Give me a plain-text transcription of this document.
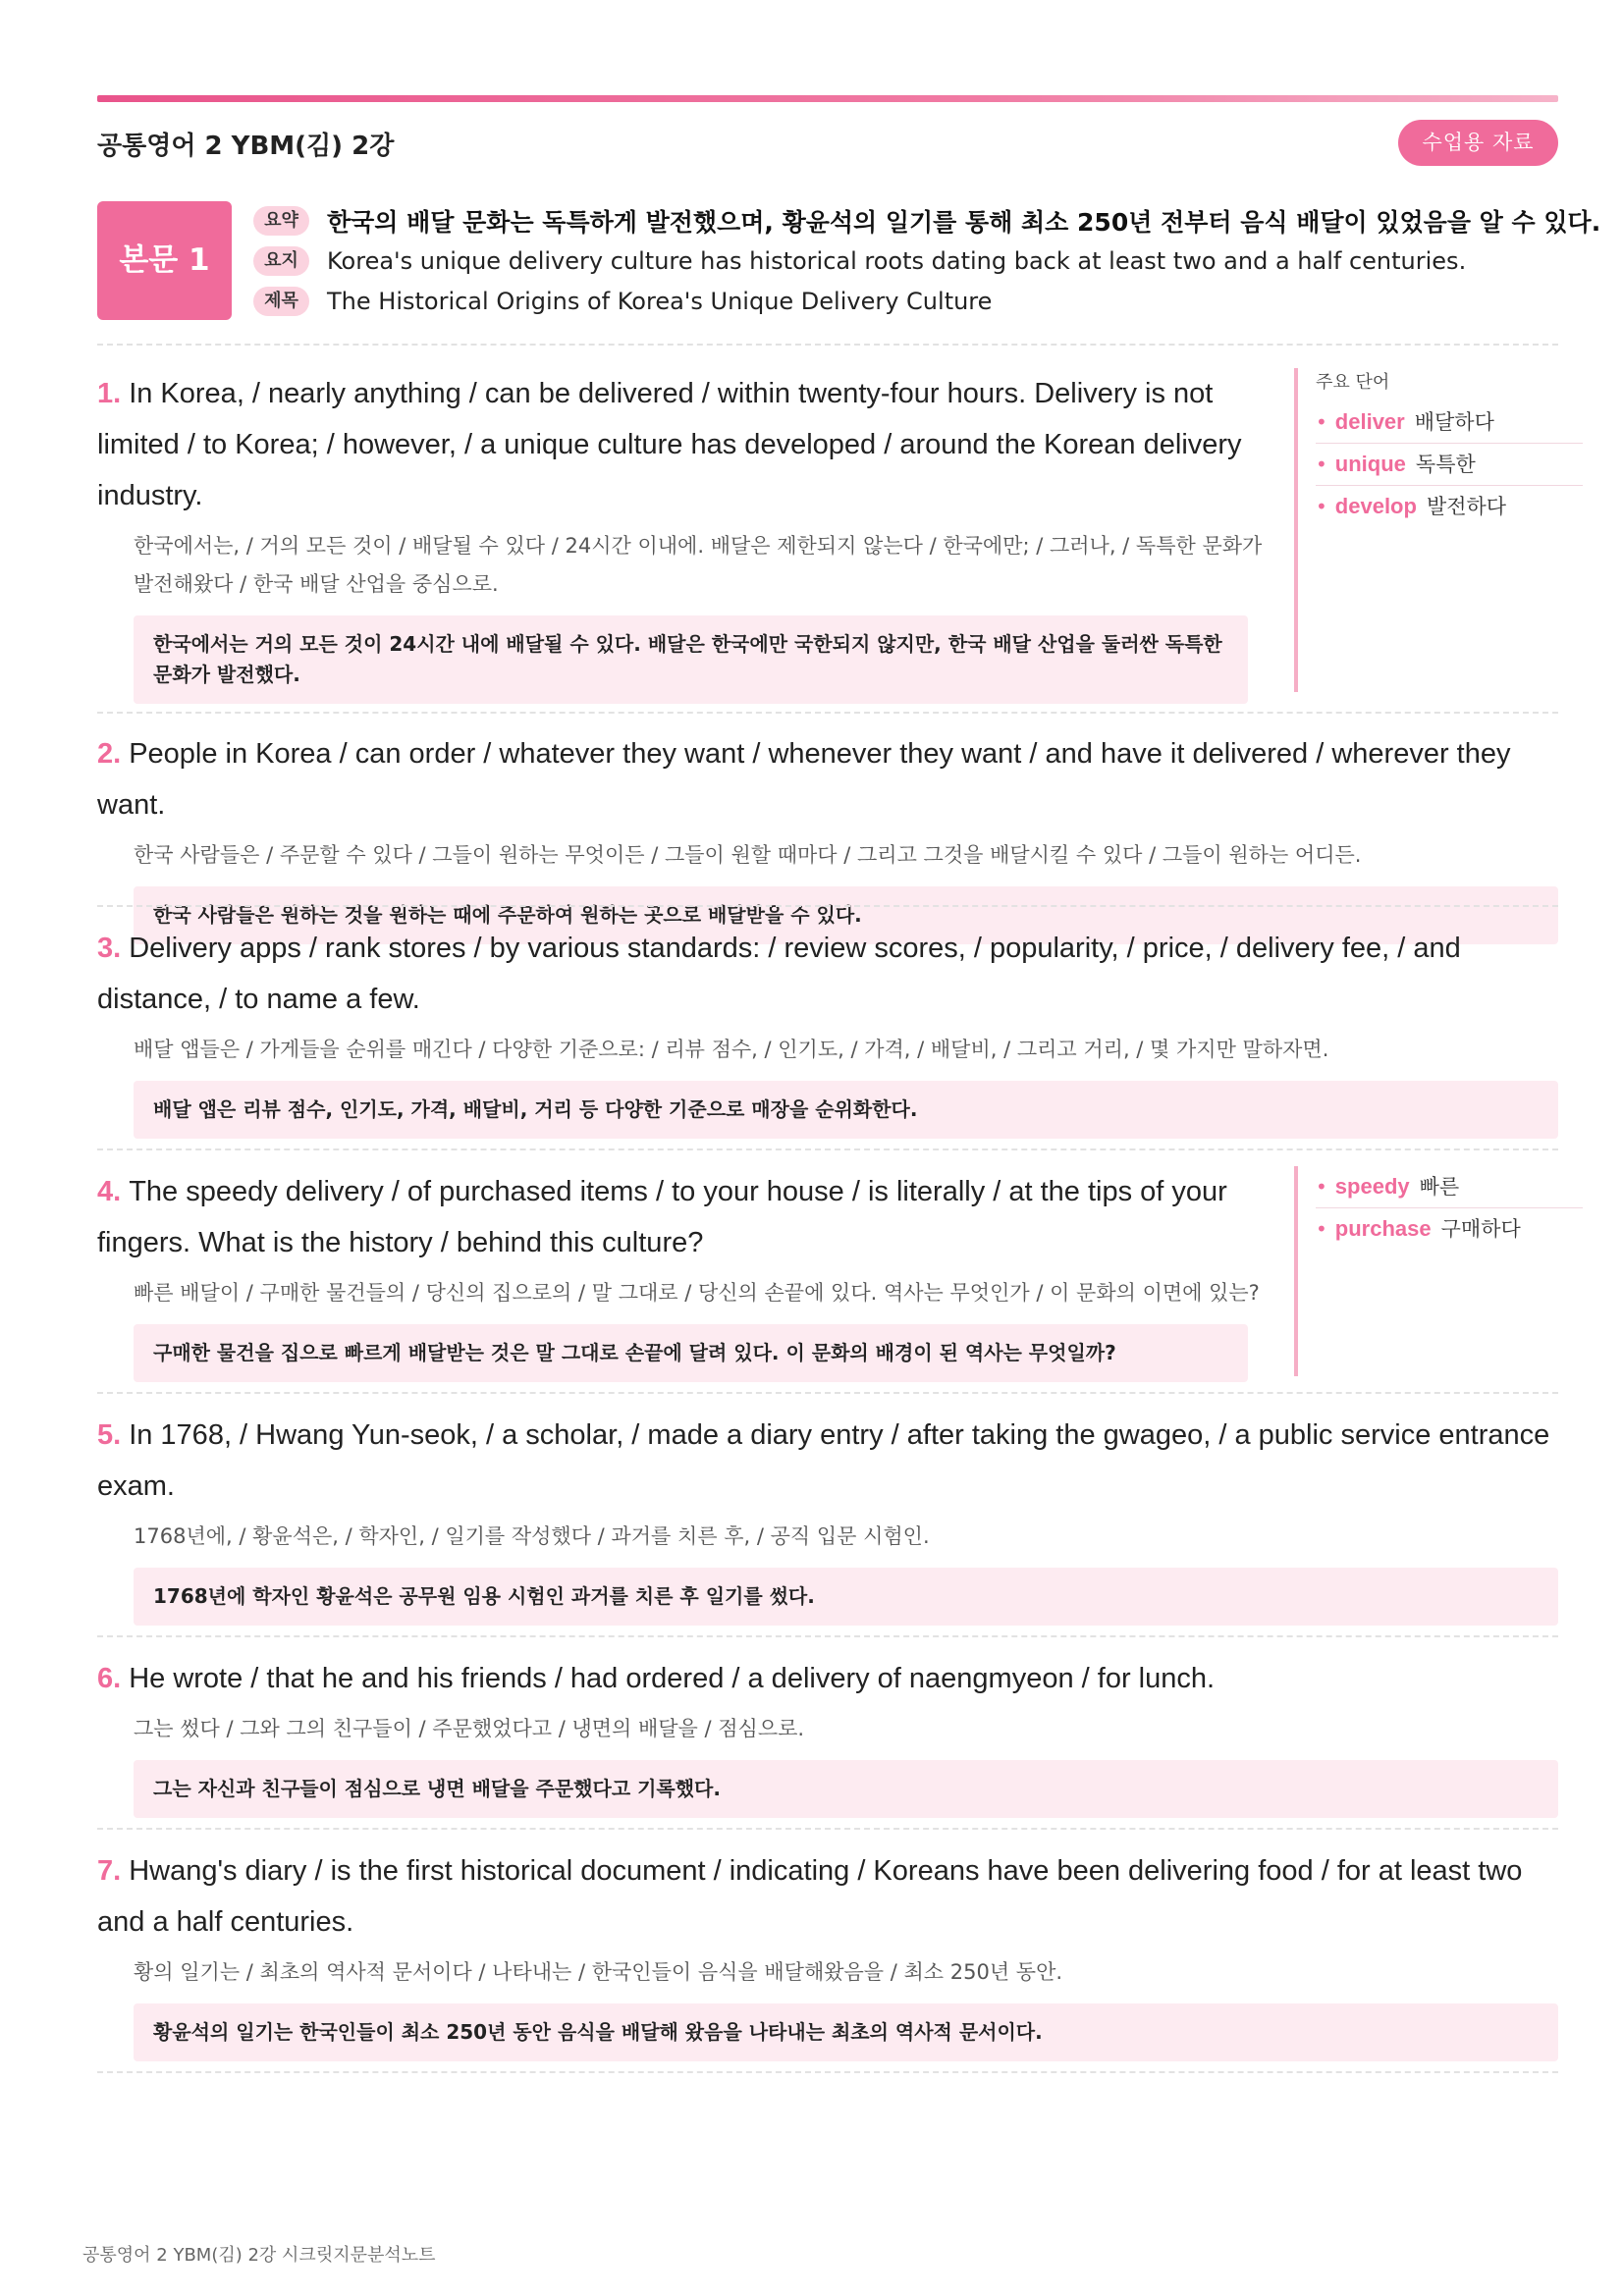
공통영어 2 YBM(김) 2강	수업용 자료
본문 1
요약	한국의 배달 문화는 독특하게 발전했으며, 황윤석의 일기를 통해 최소 250년 전부터 음식 배달이 있었음을 알 수 있다.
요지	Korea's unique delivery culture has historical roots dating back at least two and a half centuries.
제목	The Historical Origins of Korea's Unique Delivery Culture
1. In Korea, / nearly anything / can be delivered / within twenty-four hours. Delivery is not limited / to Korea; / however, / a unique culture has developed / around the Korean delivery industry.
한국에서는, / 거의 모든 것이 / 배달될 수 있다 / 24시간 이내에. 배달은 제한되지 않는다 / 한국에만; / 그러나, / 독특한 문화가 발전해왔다 / 한국 배달 산업을 중심으로.
한국에서는 거의 모든 것이 24시간 내에 배달될 수 있다. 배달은 한국에만 국한되지 않지만, 한국 배달 산업을 둘러싼 독특한 문화가 발전했다.
주요 단어
• deliver 배달하다
• unique 독특한
• develop 발전하다
2. People in Korea / can order / whatever they want / whenever they want / and have it delivered / wherever they want.
한국 사람들은 / 주문할 수 있다 / 그들이 원하는 무엇이든 / 그들이 원할 때마다 / 그리고 그것을 배달시킬 수 있다 / 그들이 원하는 어디든.
한국 사람들은 원하는 것을 원하는 때에 주문하여 원하는 곳으로 배달받을 수 있다.
3. Delivery apps / rank stores / by various standards: / review scores, / popularity, / price, / delivery fee, / and distance, / to name a few.
배달 앱들은 / 가게들을 순위를 매긴다 / 다양한 기준으로: / 리뷰 점수, / 인기도, / 가격, / 배달비, / 그리고 거리, / 몇 가지만 말하자면.
배달 앱은 리뷰 점수, 인기도, 가격, 배달비, 거리 등 다양한 기준으로 매장을 순위화한다.
4. The speedy delivery / of purchased items / to your house / is literally / at the tips of your fingers. What is the history / behind this culture?
빠른 배달이 / 구매한 물건들의 / 당신의 집으로의 / 말 그대로 / 당신의 손끝에 있다. 역사는 무엇인가 / 이 문화의 이면에 있는?
구매한 물건을 집으로 빠르게 배달받는 것은 말 그대로 손끝에 달려 있다. 이 문화의 배경이 된 역사는 무엇일까?
• speedy 빠른
• purchase 구매하다
5. In 1768, / Hwang Yun-seok, / a scholar, / made a diary entry / after taking the gwageo, / a public service entrance exam.
1768년에, / 황윤석은, / 학자인, / 일기를 작성했다 / 과거를 치른 후, / 공직 입문 시험인.
1768년에 학자인 황윤석은 공무원 임용 시험인 과거를 치른 후 일기를 썼다.
6. He wrote / that he and his friends / had ordered / a delivery of naengmyeon / for lunch.
그는 썼다 / 그와 그의 친구들이 / 주문했었다고 / 냉면의 배달을 / 점심으로.
그는 자신과 친구들이 점심으로 냉면 배달을 주문했다고 기록했다.
7. Hwang's diary / is the first historical document / indicating / Koreans have been delivering food / for at least two and a half centuries.
황의 일기는 / 최초의 역사적 문서이다 / 나타내는 / 한국인들이 음식을 배달해왔음을 / 최소 250년 동안.
황윤석의 일기는 한국인들이 최소 250년 동안 음식을 배달해 왔음을 나타내는 최초의 역사적 문서이다.
공통영어 2 YBM(김) 2강 시크릿지문분석노트
